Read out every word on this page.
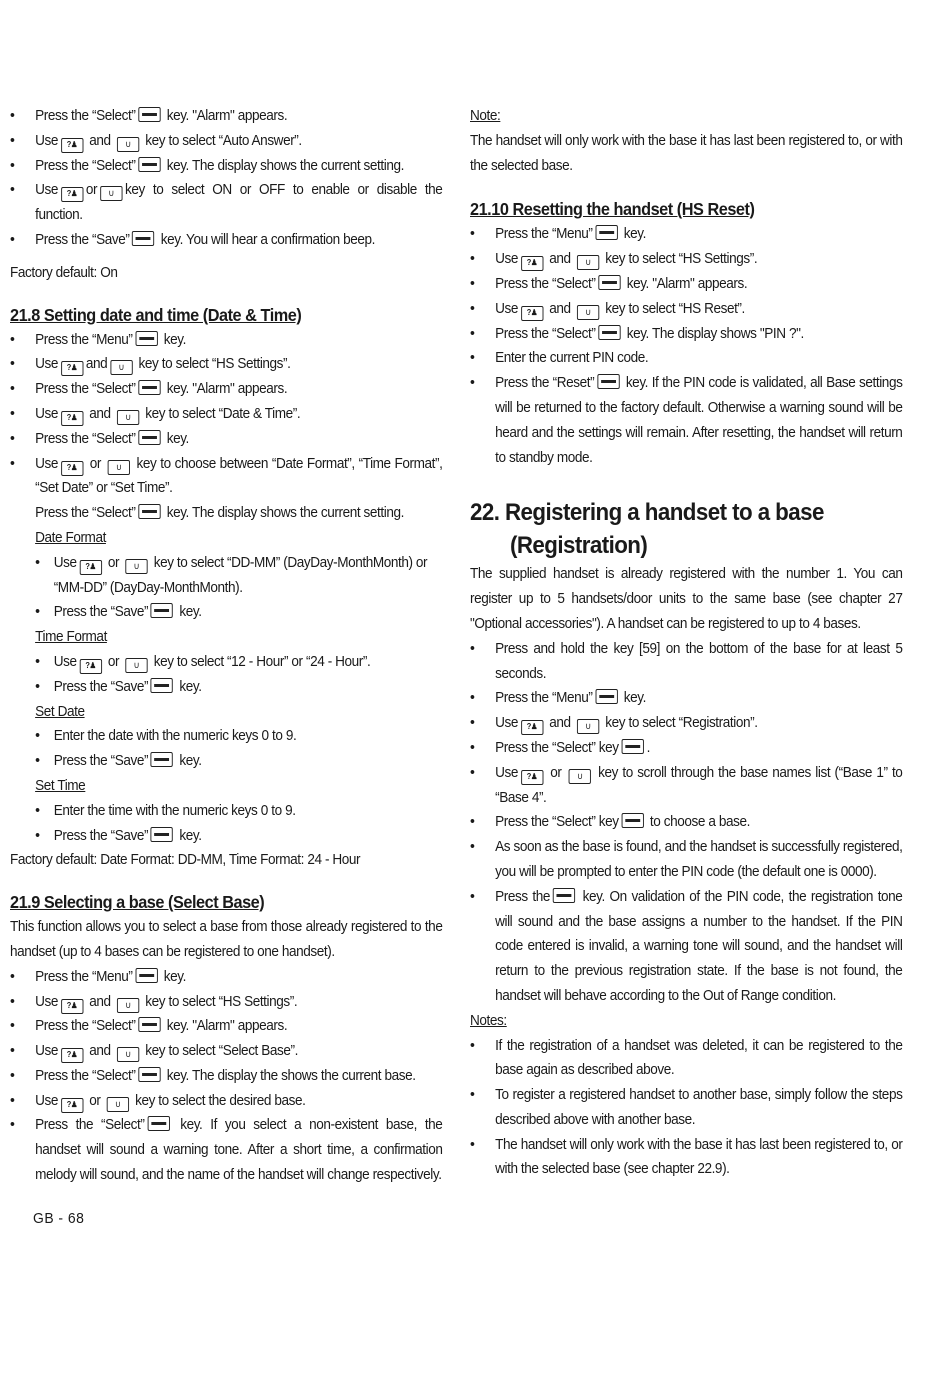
• Press the “Select” key. "Alarm" appears.
• Use ?♟ and ∪ key to select “Auto Answer”.
• Press the “Select” key. The display shows the current setting.
• Use ?♟ or ∪ key to select ON or OFF to enable or disable the function.
• Press the “Save” key. You will hear a confirmation beep.
Factory default: On
21.8 Setting date and time (Date & Time)
• Press the “Menu” key.
• Use ?♟ and ∪ key to select “HS Settings”.
• Press the “Select” key. "Alarm" appears.
• Use ?♟ and ∪ key to select “Date & Time”.
• Press the “Select” key.
• Use ?♟ or ∪ key to choose between “Date Format”, “Time Format”, “Set Date” or “Set Time”.
Press the “Select” key. The display shows the current setting.
Date Format
• Use ?♟ or ∪ key to select “DD-MM” (DayDay-MonthMonth) or “MM-DD” (DayDay-MonthMonth).
• Press the “Save” key.
Time Format
• Use ?♟ or ∪ key to select “12 - Hour” or “24 - Hour”.
• Press the “Save” key.
Set Date
• Enter the date with the numeric keys 0 to 9.
• Press the “Save” key.
Set Time
• Enter the time with the numeric keys 0 to 9.
• Press the “Save” key.
Factory default: Date Format: DD-MM, Time Format: 24 - Hour
21.9 Selecting a base (Select Base)
This function allows you to select a base from those already registered to the handset (up to 4 bases can be registered to one handset).
• Press the “Menu” key.
• Use ?♟ and ∪ key to select “HS Settings”.
• Press the “Select” key. "Alarm" appears.
• Use ?♟ and ∪ key to select “Select Base”.
• Press the “Select” key. The display the shows the current base.
• Use ?♟ or ∪ key to select the desired base.
• Press the “Select” key. If you select a non-existent base, the handset will sound a warning tone. After a short time, a confirmation melody will sound, and the name of the handset will change respectively.
Note:
The handset will only work with the base it has last been registered to, or with the selected base.
21.10 Resetting the handset (HS Reset)
• Press the “Menu” key.
• Use ?♟ and ∪ key to select “HS Settings”.
• Press the “Select” key. "Alarm" appears.
• Use ?♟ and ∪ key to select “HS Reset”.
• Press the “Select” key. The display shows "PIN ?".
• Enter the current PIN code.
• Press the “Reset” key. If the PIN code is validated, all Base settings will be returned to the factory default. Otherwise a warning sound will be heard and the settings will remain. After resetting, the handset will return to standby mode.
22. Registering a handset to a base
(Registration)
The supplied handset is already registered with the number 1. You can register up to 5 handsets/door units to the same base (see chapter 27 "Optional accessories"). A handset can be registered to up to 4 bases.
• Press and hold the key [59] on the bottom of the base for at least 5 seconds.
• Press the “Menu” key.
• Use ?♟ and ∪ key to select “Registration”.
• Press the “Select” key .
• Use ?♟ or ∪ key to scroll through the base names list (“Base 1” to “Base 4”.
• Press the “Select” key to choose a base.
• As soon as the base is found, and the handset is successfully registered, you will be prompted to enter the PIN code (the default one is 0000).
• Press the key. On validation of the PIN code, the registration tone will sound and the base assigns a number to the handset. If the PIN code entered is invalid, a warning tone will sound, and the handset will return to the previous registration state. If the base is not found, the handset will behave according to the Out of Range condition.
Notes:
• If the registration of a handset was deleted, it can be registered to the base again as described above.
• To register a registered handset to another base, simply follow the steps described above with another base.
• The handset will only work with the base it has last been registered to, or with the selected base (see chapter 22.9).
GB - 68
